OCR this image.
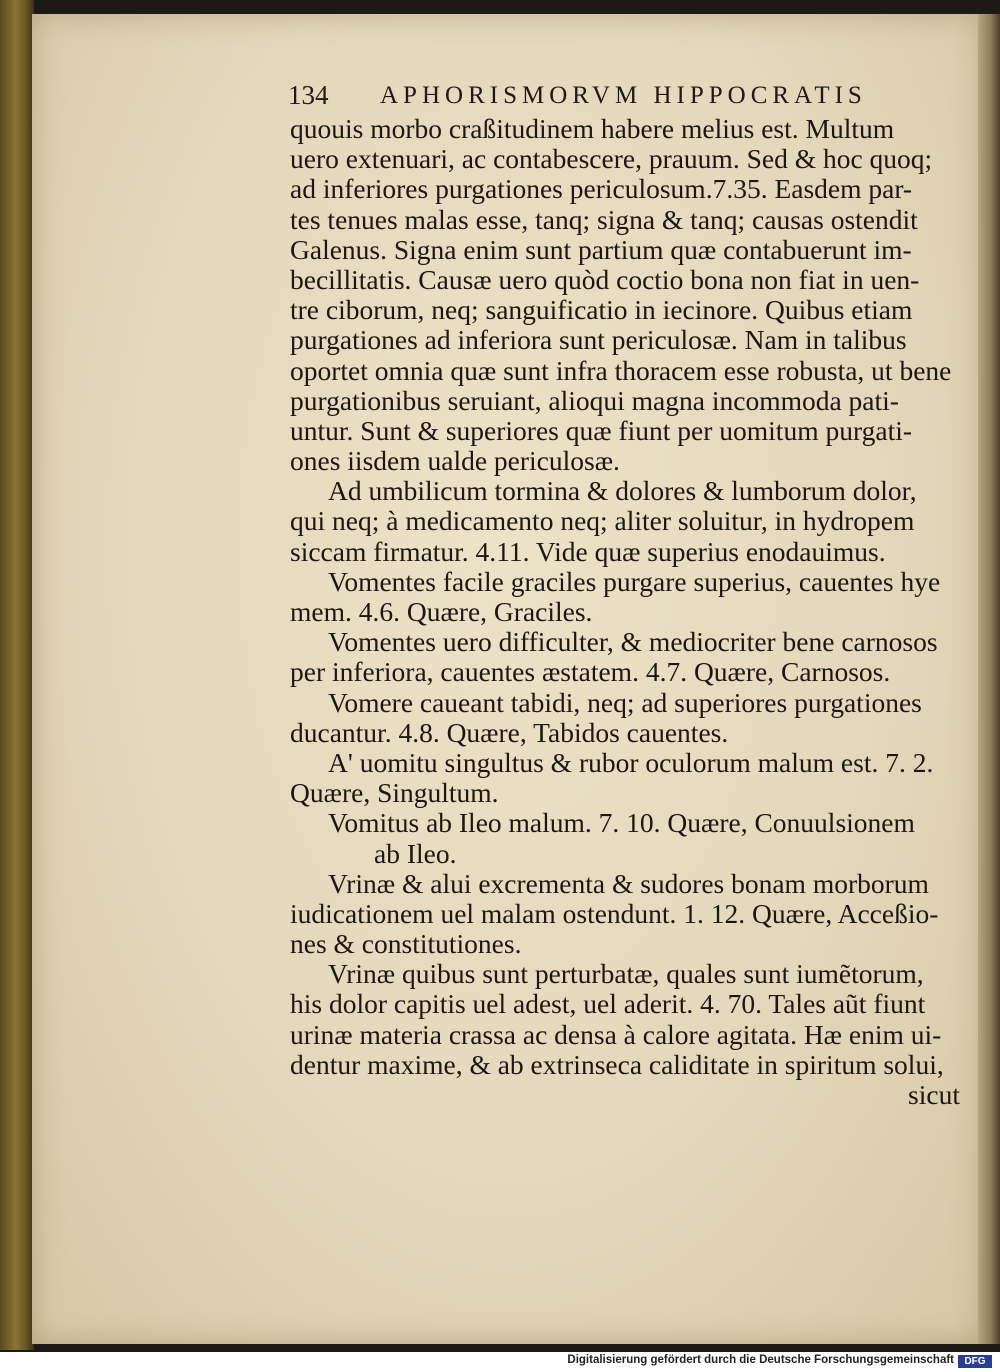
134 APHORISMORVM HIPPOCRATIS
quouis morbo craßitudinem habere melius est. Multum
uero extenuari, ac contabescere, prauum. Sed & hoc quoq;
ad inferiores purgationes periculosum.7.35. Easdem par-
tes tenues malas esse, tanq; signa & tanq; causas ostendit
Galenus. Signa enim sunt partium quæ contabuerunt im-
becillitatis. Causæ uero quòd coctio bona non fiat in uen-
tre ciborum, neq; sanguificatio in iecinore. Quibus etiam
purgationes ad inferiora sunt periculosæ. Nam in talibus
oportet omnia quæ sunt infra thoracem esse robusta, ut bene
purgationibus seruiant, alioqui magna incommoda pati-
untur. Sunt & superiores quæ fiunt per uomitum purgati-
ones iisdem ualde periculosæ.
Ad umbilicum tormina & dolores & lumborum dolor,
qui neq; à medicamento neq; aliter soluitur, in hydropem
siccam firmatur. 4.11. Vide quæ superius enodauimus.
Vomentes facile graciles purgare superius, cauentes hye
mem. 4.6. Quære, Graciles.
Vomentes uero difficulter, & mediocriter bene carnosos
per inferiora, cauentes æstatem. 4.7. Quære, Carnosos.
Vomere caueant tabidi, neq; ad superiores purgationes
ducantur. 4.8. Quære, Tabidos cauentes.
A' uomitu singultus & rubor oculorum malum est. 7. 2.
Quære, Singultum.
Vomitus ab Ileo malum. 7. 10. Quære, Conuulsionem
ab Ileo.
Vrinæ & alui excrementa & sudores bonam morborum
iudicationem uel malam ostendunt. 1. 12. Quære, Acceßio-
nes & constitutiones.
Vrinæ quibus sunt perturbatæ, quales sunt iumẽtorum,
his dolor capitis uel adest, uel aderit. 4. 70. Tales aũt fiunt
urinæ materia crassa ac densa à calore agitata. Hæ enim ui-
dentur maxime, & ab extrinseca caliditate in spiritum solui,
sicut
Digitalisierung gefördert durch die Deutsche Forschungsgemeinschaft	DFG
